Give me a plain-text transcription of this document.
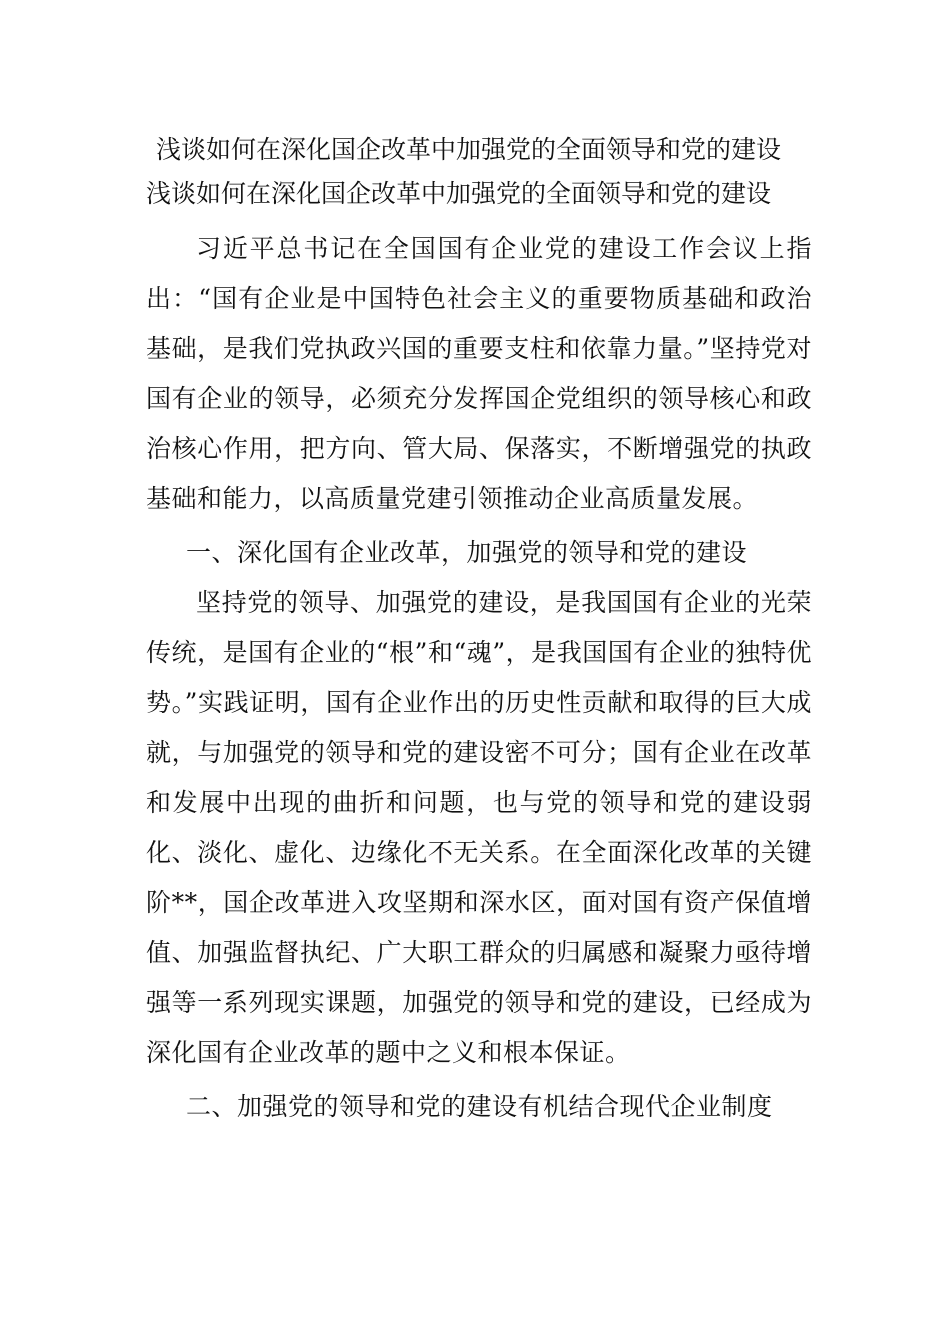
浅谈如何在深化国企改革中加强党的全面领导和党的建设
浅谈如何在深化国企改革中加强党的全面领导和党的建设

习近平总书记在全国国有企业党的建设工作会议上指出：“国有企业是中国特色社会主义的重要物质基础和政治基础，是我们党执政兴国的重要支柱和依靠力量。”坚持党对国有企业的领导，必须充分发挥国企党组织的领导核心和政治核心作用，把方向、管大局、保落实，不断增强党的执政基础和能力，以高质量党建引领推动企业高质量发展。

一、深化国有企业改革，加强党的领导和党的建设

坚持党的领导、加强党的建设，是我国国有企业的光荣传统，是国有企业的“根”和“魂”，是我国国有企业的独特优势。”实践证明，国有企业作出的历史性贡献和取得的巨大成就，与加强党的领导和党的建设密不可分；国有企业在改革和发展中出现的曲折和问题，也与党的领导和党的建设弱化、淡化、虚化、边缘化不无关系。在全面深化改革的关键阶**，国企改革进入攻坚期和深水区，面对国有资产保值增值、加强监督执纪、广大职工群众的归属感和凝聚力亟待增强等一系列现实课题，加强党的领导和党的建设，已经成为深化国有企业改革的题中之义和根本保证。

二、加强党的领导和党的建设有机结合现代企业制度
